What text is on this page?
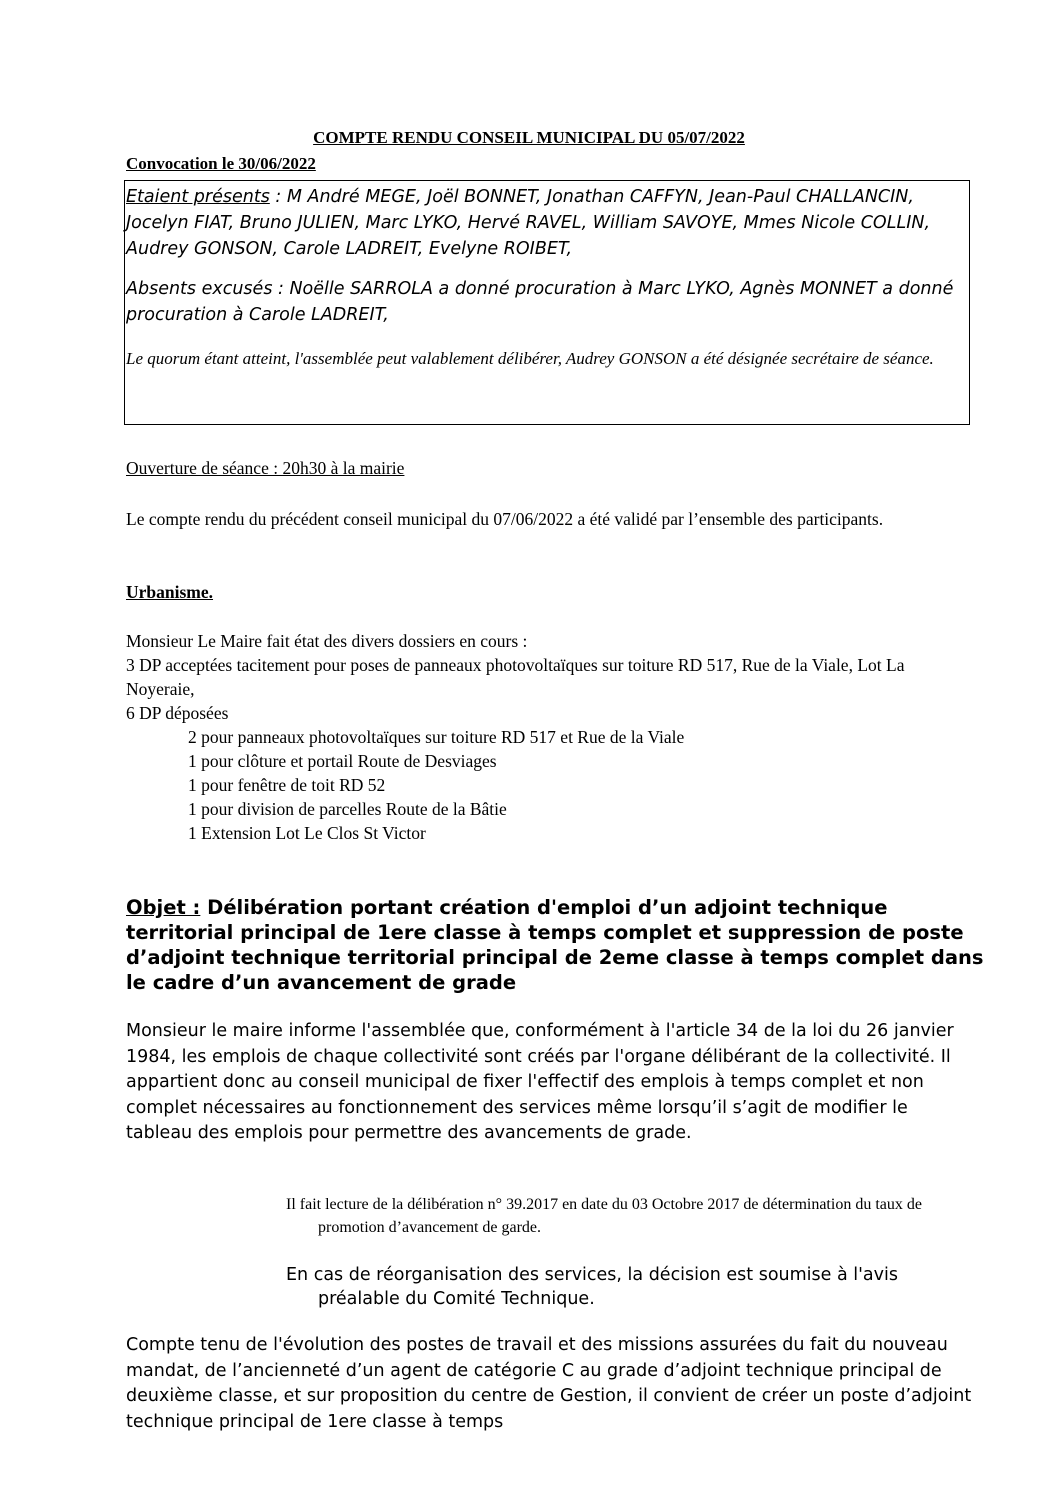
COMPTE RENDU CONSEIL MUNICIPAL DU 05/07/2022
Convocation le 30/06/2022
Etaient présents : M André MEGE, Joël BONNET, Jonathan CAFFYN, Jean-Paul CHALLANCIN, Jocelyn FIAT, Bruno JULIEN, Marc LYKO, Hervé RAVEL, William SAVOYE, Mmes Nicole COLLIN, Audrey GONSON, Carole LADREIT, Evelyne ROIBET,
Absents excusés : Noëlle SARROLA a donné procuration à Marc LYKO, Agnès MONNET a donné procuration à Carole LADREIT,
Le quorum étant atteint, l'assemblée peut valablement délibérer, Audrey GONSON a été désignée secrétaire de séance.
Ouverture de séance : 20h30 à la mairie
Le compte rendu du précédent conseil municipal du 07/06/2022 a été validé par l’ensemble des participants.
Urbanisme.
Monsieur Le Maire fait état des divers dossiers en cours :
3 DP acceptées tacitement pour poses de panneaux photovoltaïques sur toiture RD 517, Rue de la Viale, Lot La Noyeraie,
6 DP déposées
2 pour panneaux photovoltaïques sur toiture RD 517 et Rue de la Viale
1 pour clôture et portail Route de Desviages
1 pour fenêtre de toit RD 52
1 pour division de parcelles Route de la Bâtie
1 Extension Lot Le Clos St Victor
Objet : Délibération portant création d'emploi d’un adjoint technique territorial principal de 1ere classe à temps complet et suppression de poste d’adjoint technique territorial principal de 2eme classe à temps complet dans le cadre d’un avancement de grade
Monsieur le maire informe l'assemblée que, conformément à l'article 34 de la loi du 26 janvier 1984, les emplois de chaque collectivité sont créés par l'organe délibérant de la collectivité. Il appartient donc au conseil municipal de fixer l'effectif des emplois à temps complet et non complet nécessaires au fonctionnement des services même lorsqu’il s’agit de modifier le tableau des emplois pour permettre des avancements de grade.
Il fait lecture de la délibération n° 39.2017 en date du 03 Octobre 2017 de détermination du taux de promotion d’avancement de garde.
En cas de réorganisation des services, la décision est soumise à l'avis préalable du Comité Technique.
Compte tenu de l'évolution des postes de travail et des missions assurées du fait du nouveau mandat, de l’ancienneté d’un agent de catégorie C au grade d’adjoint technique principal de deuxième classe, et sur proposition du centre de Gestion, il convient de créer un poste d’adjoint technique principal de 1ere classe à temps
